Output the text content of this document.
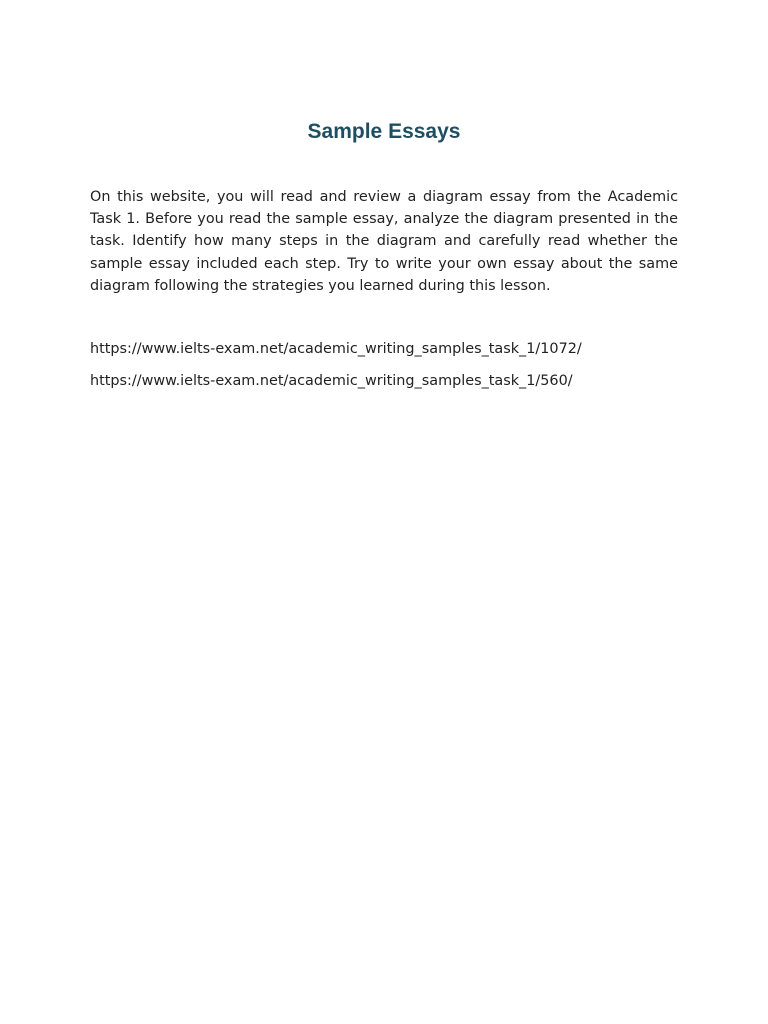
Sample Essays

On this website, you will read and review a diagram essay from the Academic Task 1. Before you read the sample essay, analyze the diagram presented in the task. Identify how many steps in the diagram and carefully read whether the sample essay included each step. Try to write your own essay about the same diagram following the strategies you learned during this lesson.

https://www.ielts-exam.net/academic_writing_samples_task_1/1072/
https://www.ielts-exam.net/academic_writing_samples_task_1/560/
